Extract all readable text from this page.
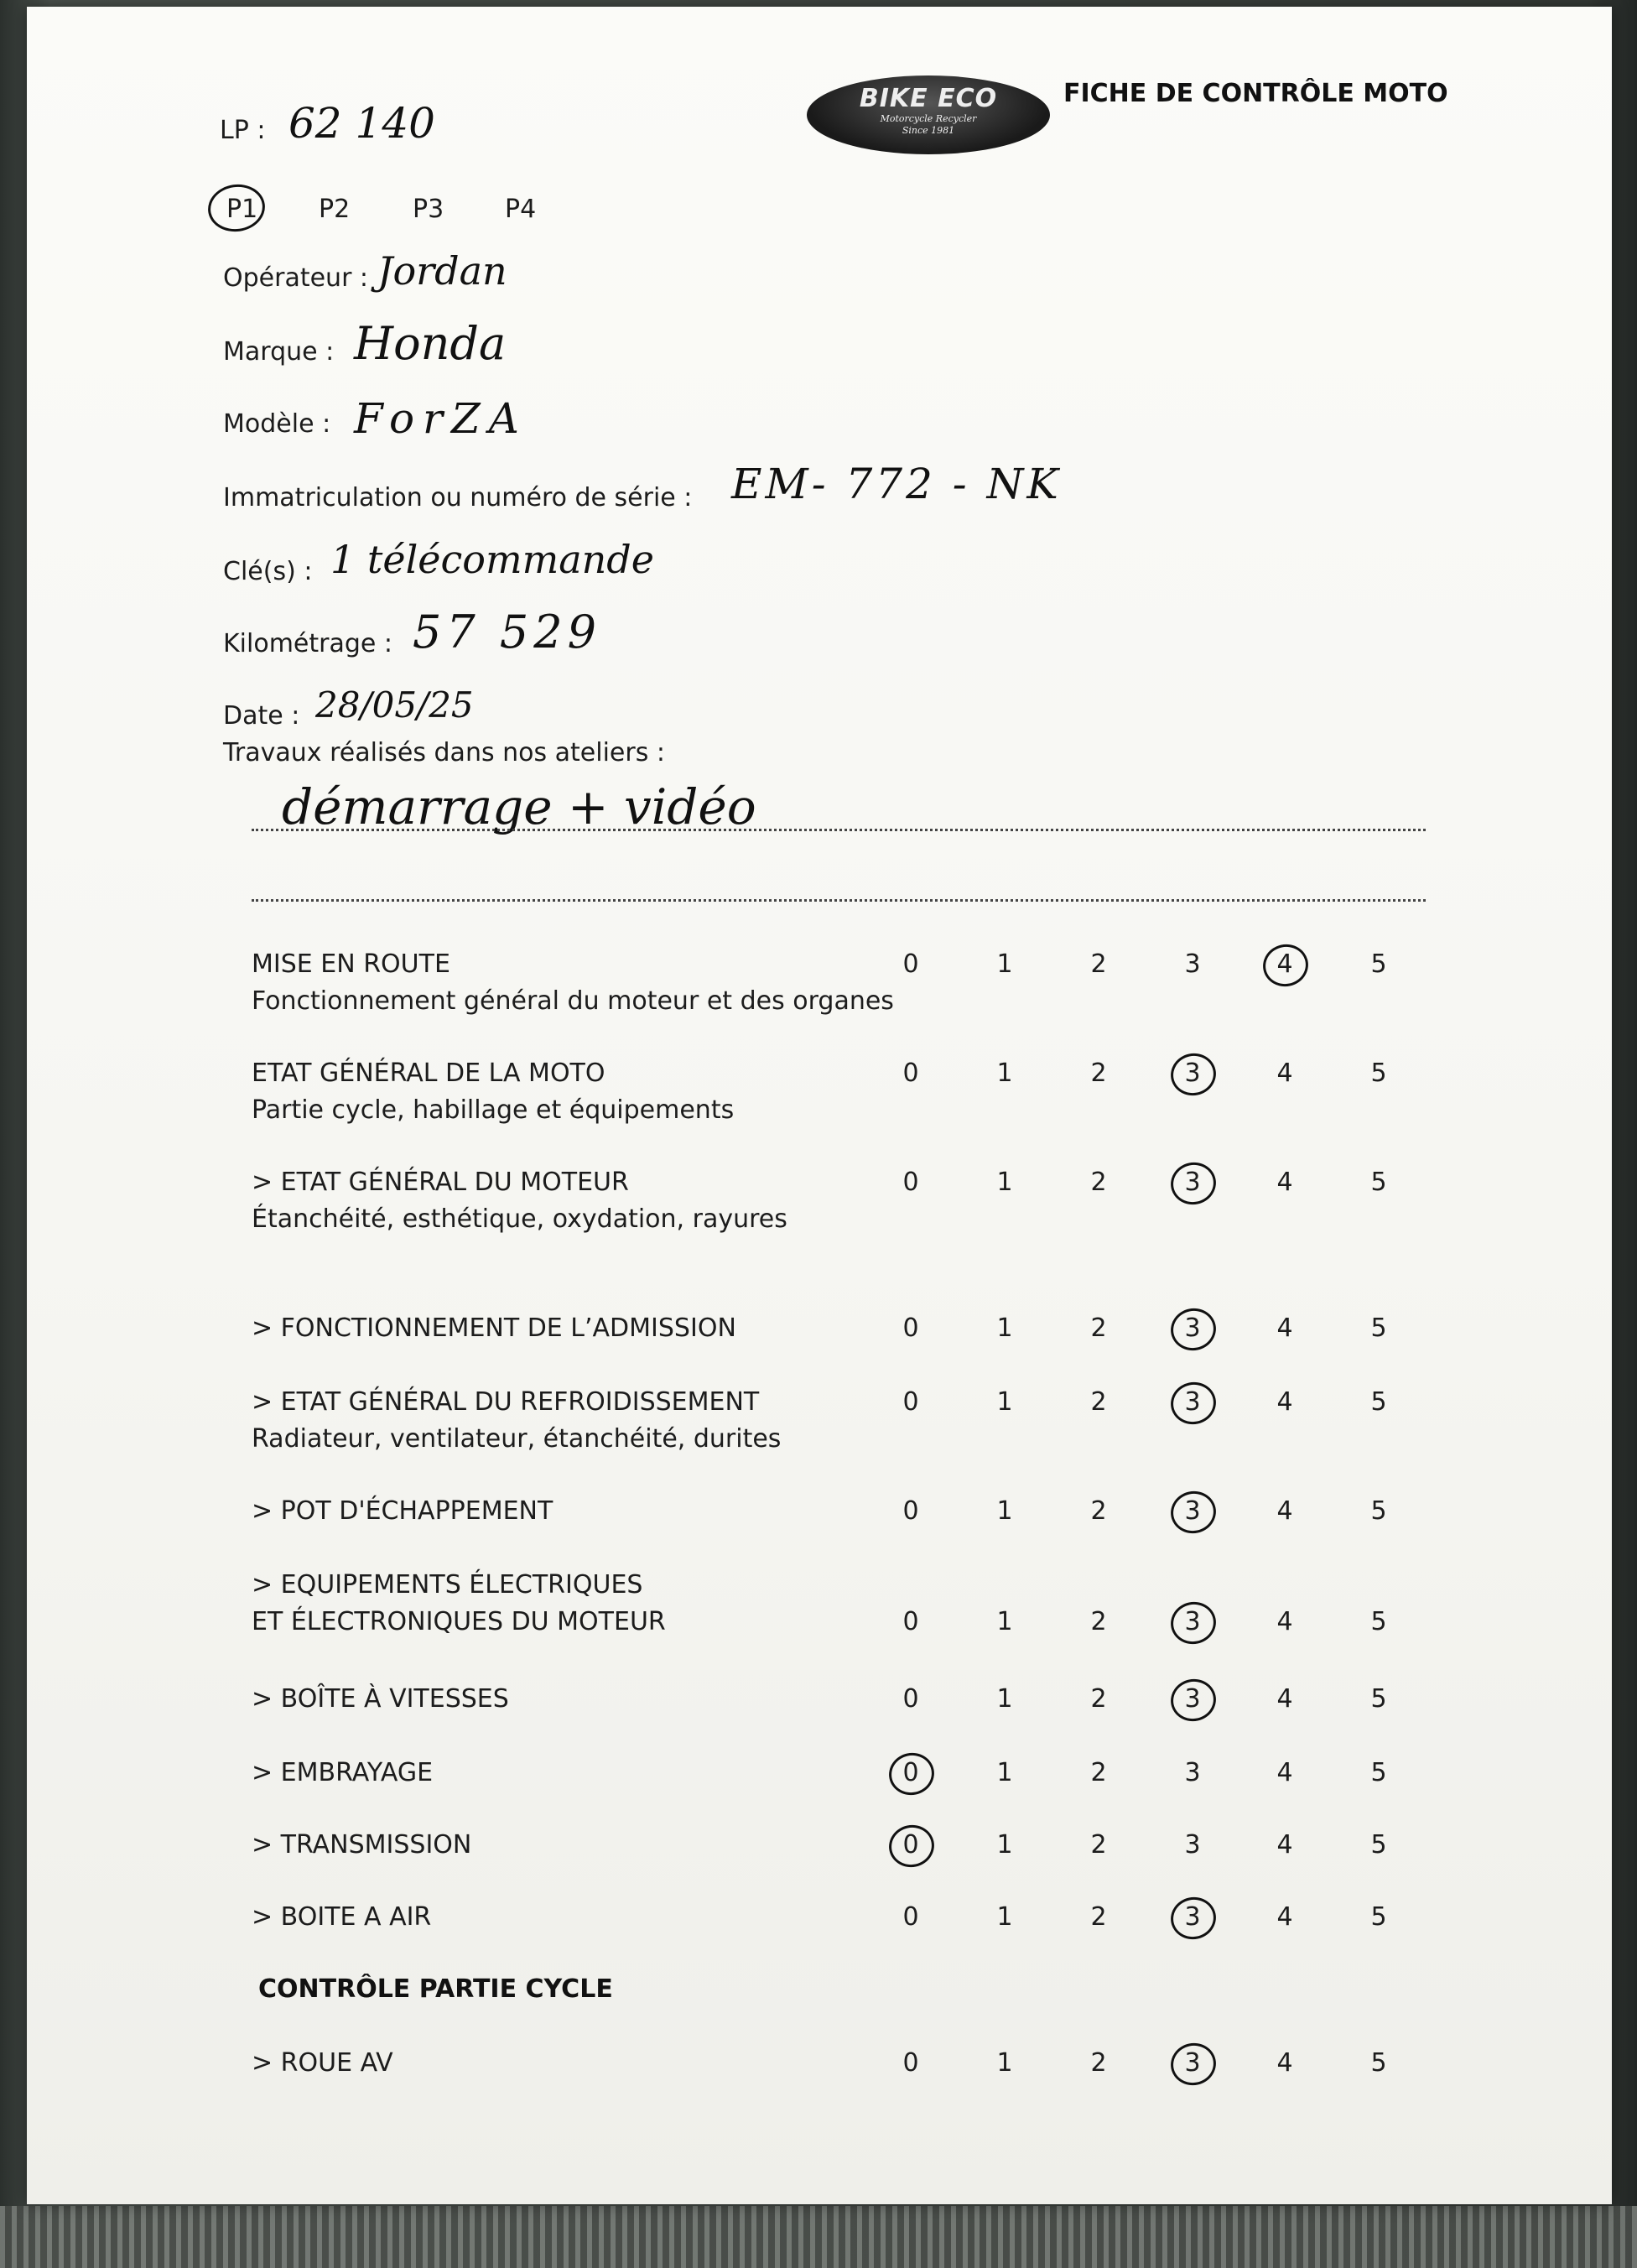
BIKE ECO
Motorcycle Recycler
Since 1981
FICHE DE CONTRÔLE MOTO
LP : 62 140
P1 P2 P3 P4
Opérateur : Jordan
Marque : Honda
Modèle : ForZA
Immatriculation ou numéro de série : EM- 772 - NK
Clé(s) : 1 télécommande
Kilométrage : 57 529
Date : 28/05/25
Travaux réalisés dans nos ateliers :
démarrage + vidéo
MISE EN ROUTE
Fonctionnement général du moteur et des organes
0	1	2	3	4	5
ETAT GÉNÉRAL DE LA MOTO
Partie cycle, habillage et équipements
0	1	2	3	4	5
> ETAT GÉNÉRAL DU MOTEUR
Étanchéité, esthétique, oxydation, rayures
0	1	2	3	4	5
> FONCTIONNEMENT DE L’ADMISSION	0	1	2	3	4	5
> ETAT GÉNÉRAL DU REFROIDISSEMENT
Radiateur, ventilateur, étanchéité, durites
0	1	2	3	4	5
> POT D'ÉCHAPPEMENT	0	1	2	3	4	5
> EQUIPEMENTS ÉLECTRIQUES
ET ÉLECTRONIQUES DU MOTEUR	0	1	2	3	4	5
> BOÎTE À VITESSES	0	1	2	3	4	5
> EMBRAYAGE	0	1	2	3	4	5
> TRANSMISSION	0	1	2	3	4	5
> BOITE A AIR	0	1	2	3	4	5
CONTRÔLE PARTIE CYCLE
> ROUE AV	0	1	2	3	4	5
